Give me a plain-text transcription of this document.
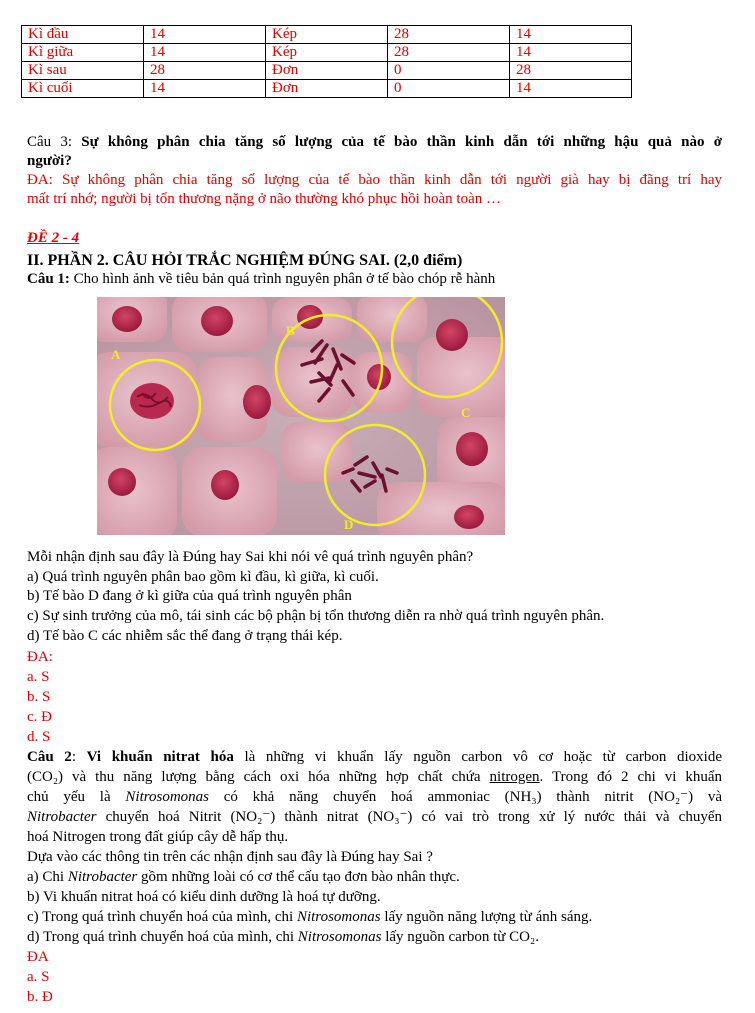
Kì đầu	14	Kép	28	14
Kì giữa	14	Kép	28	14
Kì sau	28	Đơn	0	28
Kì cuối	14	Đơn	0	14
Câu 3: Sự không phân chia tăng số lượng của tế bào thần kinh dẫn tới những hậu quả nào ở
người?
ĐA: Sự không phân chia tăng số lượng của tế bào thần kinh dẫn tới người già hay bị đãng trí hay
mất trí nhớ; người bị tổn thương nặng ở não thường khó phục hồi hoàn toàn …
ĐỀ 2 - 4
II. PHẦN 2. CÂU HỎI TRẮC NGHIỆM ĐÚNG SAI. (2,0 điểm)
Câu 1: Cho hình ảnh về tiêu bản quá trình nguyên phân ở tế bào chóp rễ hành
A
B
C
D
Mỗi nhận định sau đây là Đúng hay Sai khi nói vê quá trình nguyên phân?
a) Quá trình nguyên phân bao gồm kì đầu, kì giữa, kì cuối.
b) Tế bào D đang ở kì giữa của quá trình nguyên phân
c) Sự sinh trưởng của mô, tái sinh các bộ phận bị tổn thương diễn ra nhờ quá trình nguyên phân.
d) Tế bào C các nhiễm sắc thể đang ở trạng thái kép.
ĐA:
a. S
b. S
c. Đ
d. S
Câu 2: Vi khuẩn nitrat hóa là những vi khuẩn lấy nguồn carbon vô cơ hoặc từ carbon dioxide
(CO₂) và thu năng lượng bằng cách oxi hóa những hợp chất chứa nitrogen. Trong đó 2 chi vi khuẩn
chủ yếu là Nitrosomonas có khả năng chuyển hoá ammoniac (NH₃) thành nitrit (NO₂⁻) và
Nitrobacter chuyển hoá Nitrit (NO₂⁻) thành nitrat (NO₃⁻) có vai trò trong xử lý nước thải và chuyển
hoá Nitrogen trong đất giúp cây dễ hấp thụ.
Dựa vào các thông tin trên các nhận định sau đây là Đúng hay Sai ?
a) Chi Nitrobacter gồm những loài có cơ thể cấu tạo đơn bào nhân thực.
b) Vi khuẩn nitrat hoá có kiểu dinh dưỡng là hoá tự dưỡng.
c) Trong quá trình chuyển hoá của mình, chi Nitrosomonas lấy nguồn năng lượng từ ánh sáng.
d) Trong quá trình chuyển hoá của mình, chi Nitrosomonas lấy nguồn carbon từ CO₂.
ĐA
a. S
b. Đ
